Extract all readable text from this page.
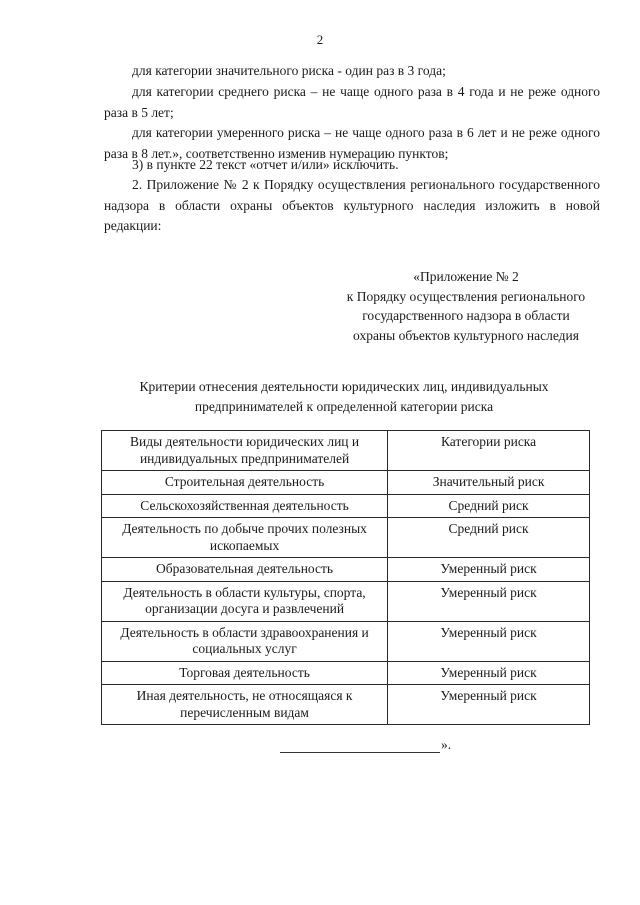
2
для категории значительного риска - один раз в 3 года;
для категории среднего риска – не чаще одного раза в 4 года и не реже одного раза в 5 лет;
для категории умеренного риска – не чаще одного раза в 6 лет и не реже одного раза в 8 лет.», соответственно изменив нумерацию пунктов;
3) в пункте 22 текст «отчет и/или» исключить.
2. Приложение № 2 к Порядку осуществления регионального государственного надзора в области охраны объектов культурного наследия изложить в новой редакции:
«Приложение № 2
к Порядку осуществления регионального
государственного надзора в области
охраны объектов культурного наследия
Критерии отнесения деятельности юридических лиц, индивидуальных
предпринимателей к определенной категории риска
Виды деятельности юридических лиц и индивидуальных предпринимателей	Категории риска
Строительная деятельность	Значительный риск
Сельскохозяйственная деятельность	Средний риск
Деятельность по добыче прочих полезных ископаемых	Средний риск
Образовательная деятельность	Умеренный риск
Деятельность в области культуры, спорта, организации досуга и развлечений	Умеренный риск
Деятельность в области здравоохранения и социальных услуг	Умеренный риск
Торговая деятельность	Умеренный риск
Иная деятельность, не относящаяся к перечисленным видам	Умеренный риск
».
